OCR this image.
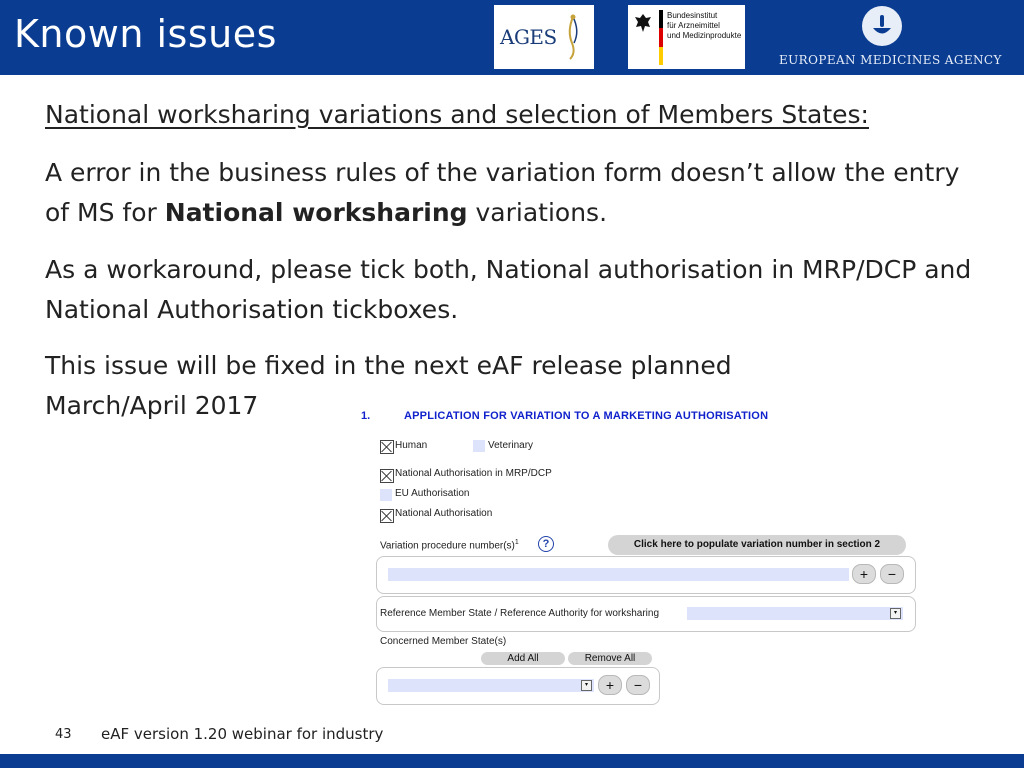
Known issues	AGES
Bundesinstitut
für Arzneimittel
und Medizinprodukte
EUROPEAN MEDICINES AGENCY
National worksharing variations and selection of Members States:
A error in the business rules of the variation form doesn’t allow the entry of MS for National worksharing variations.
As a workaround, please tick both, National authorisation in MRP/DCP and National Authorisation tickboxes.
This issue will be fixed in the next eAF release planned March/April 2017	1.	APPLICATION FOR VARIATION TO A MARKETING AUTHORISATION
Human	Veterinary
National Authorisation in MRP/DCP
EU Authorisation
National Authorisation
Variation procedure $number(s)^1$	?	Click here to populate variation number in section 2
+	−
Reference Member State / Reference Authority for worksharing	▾
Concerned Member State(s)
Add All	Remove All
▾	+	−
43 eAF version 1.20 webinar for industry
